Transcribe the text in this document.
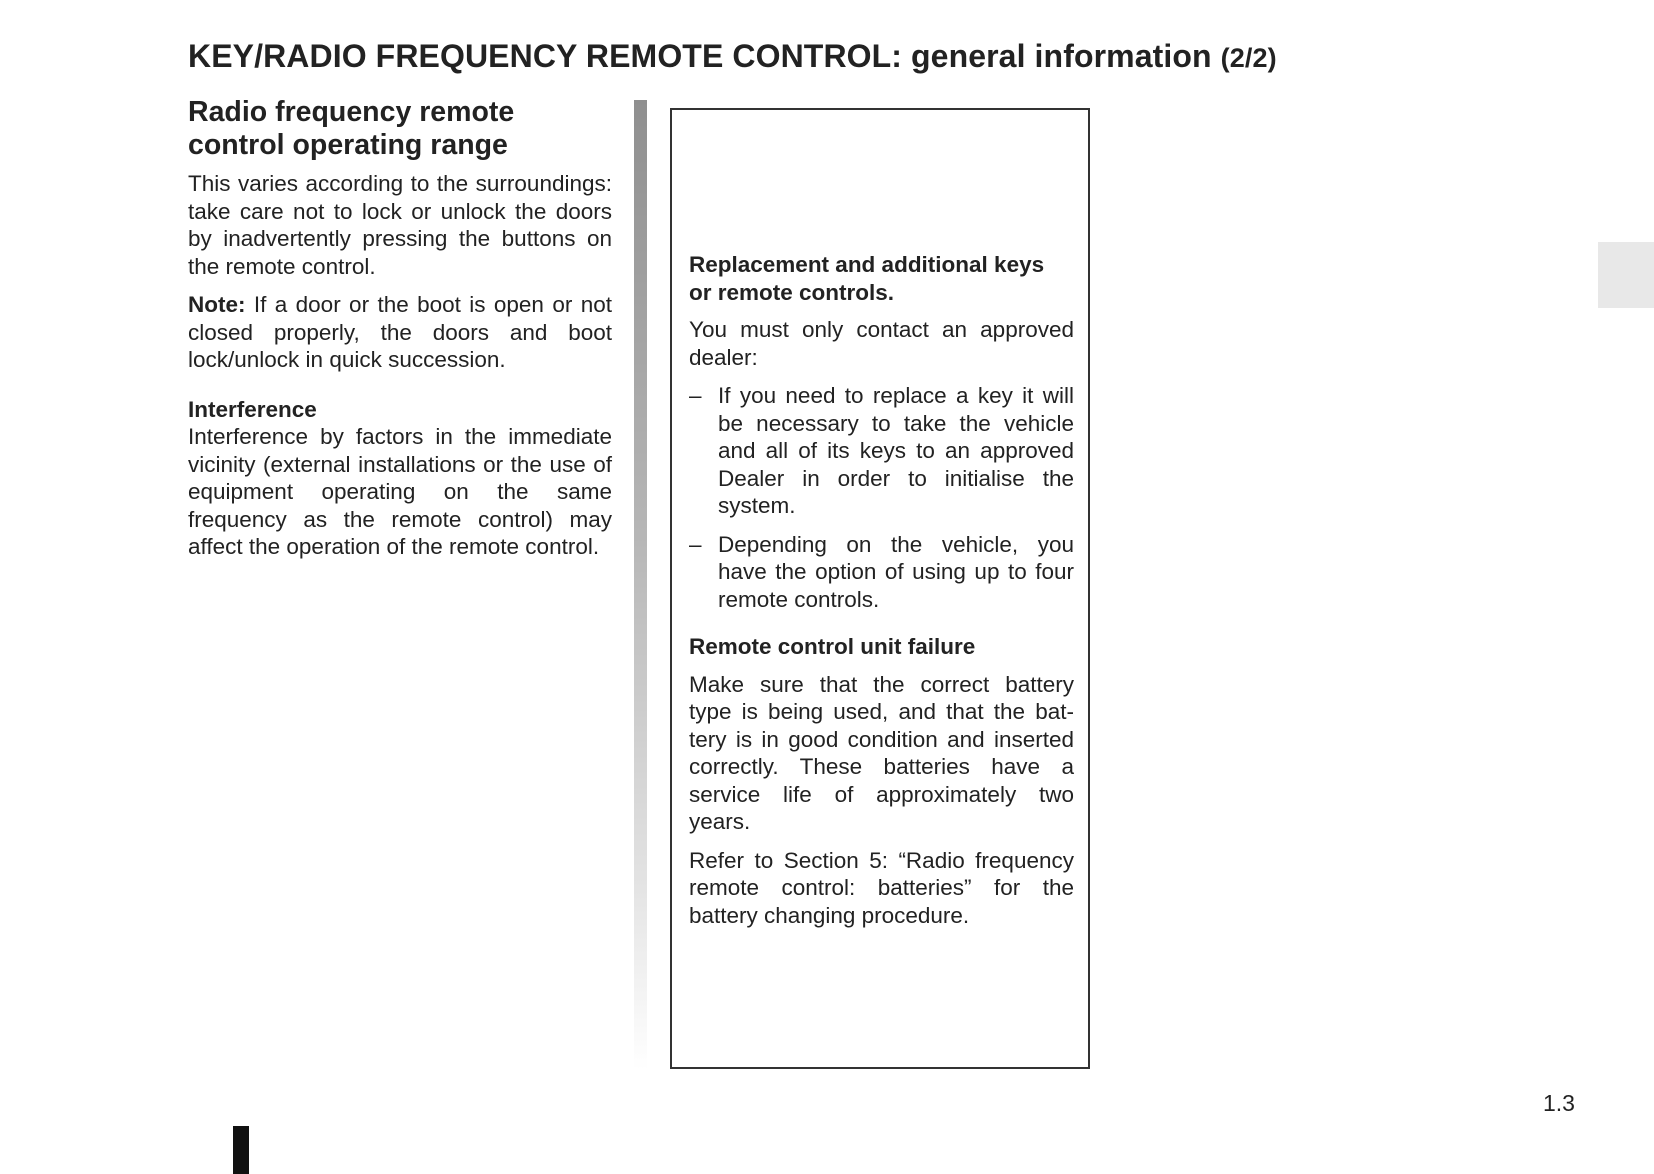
KEY/RADIO FREQUENCY REMOTE CONTROL: general information (2/2)
Radio frequency remote
control operating range

This varies according to the surroundings: take care not to lock or unlock the doors by inadvertently pressing the buttons on the remote control.

Note: If a door or the boot is open or not closed properly, the doors and boot lock/unlock in quick succession.

Interference

Interference by factors in the immediate vicinity (external installations or the use of equipment operating on the same frequency as the remote control) may affect the operation of the remote control.

Replacement and additional keys
or remote controls.

You must only contact an approved dealer:

– If you need to replace a key it will be necessary to take the vehicle and all of its keys to an approved Dealer in order to initialise the system.
– Depending on the vehicle, you have the option of using up to four remote controls.
Remote control unit failure

Make sure that the correct battery type is being used, and that the battery is in good condition and inserted correctly. These batteries have a service life of approximately two years.

Refer to Section 5: “Radio frequency remote control: batteries” for the battery changing procedure.

1.3
